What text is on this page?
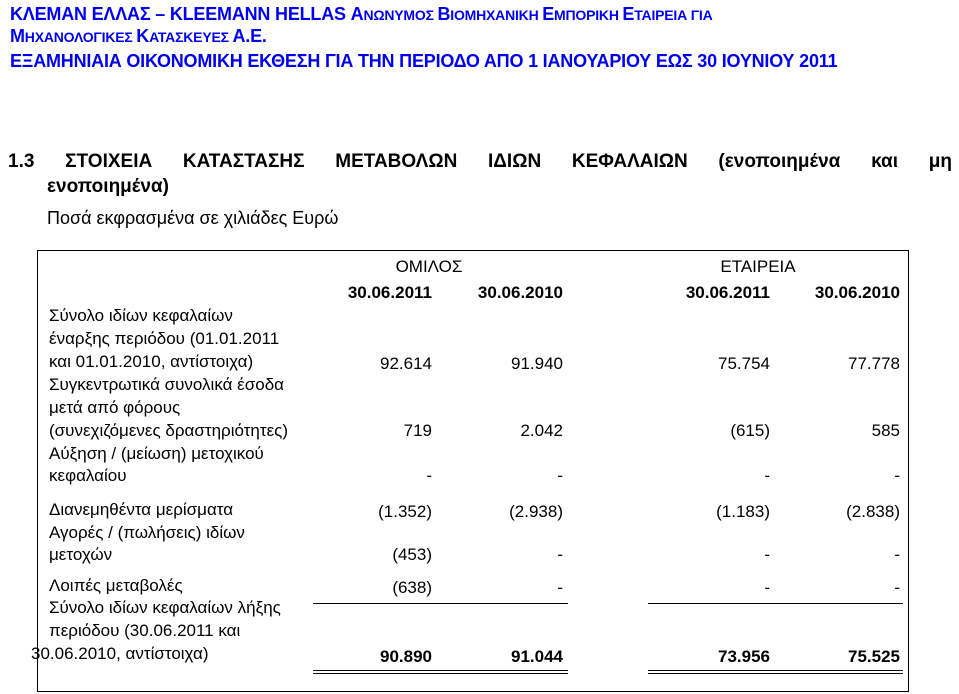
ΚΛΕΜΑΝ ΕΛΛΑΣ – KLEEMANN HELLAS ΑΝΩΝΥΜΟΣ ΒΙΟΜΗΧΑΝΙΚΗ ΕΜΠΟΡΙΚΗ ΕΤΑΙΡΕΙΑ ΓΙΑ
ΜΗΧΑΝΟΛΟΓΙΚΕΣ ΚΑΤΑΣΚΕΥΕΣ Α.Ε.
ΕΞΑΜΗΝΙΑΙΑ ΟΙΚΟΝΟΜΙΚΗ ΕΚΘΕΣΗ ΓΙΑ ΤΗΝ ΠΕΡΙΟΔΟ ΑΠΟ 1 ΙΑΝΟΥΑΡΙΟΥ ΕΩΣ 30 ΙΟΥΝΙΟΥ 2011
1.3 ΣΤΟΙΧΕΙΑ ΚΑΤΑΣΤΑΣΗΣ ΜΕΤΑΒΟΛΩΝ ΙΔΙΩΝ ΚΕΦΑΛΑΙΩΝ (ενοποιημένα και μη
ενοποιημένα)
Ποσά εκφρασμένα σε χιλιάδες Ευρώ
ΟΜΙΛΟΣ	ΕΤΑΙΡΕΙΑ
30.06.2011	30.06.2010	30.06.2011	30.06.2010
Σύνολο ιδίων κεφαλαίων
έναρξης περιόδου (01.01.2011
και 01.01.2010, αντίστοιχα)	92.614	91.940	75.754	77.778
Συγκεντρωτικά συνολικά έσοδα
μετά από φόρους
(συνεχιζόμενες δραστηριότητες)	719	2.042	(615)	585
Αύξηση / (μείωση) μετοχικού
κεφαλαίου	-	-	-	-
Διανεμηθέντα μερίσματα	(1.352)	(2.938)	(1.183)	(2.838)
Αγορές / (πωλήσεις) ιδίων
μετοχών	(453)	-	-	-
Λοιπές μεταβολές	(638)	-	-	-
Σύνολο ιδίων κεφαλαίων λήξης
περιόδου (30.06.2011 και
30.06.2010, αντίστοιχα)	90.890	91.044	73.956	75.525
